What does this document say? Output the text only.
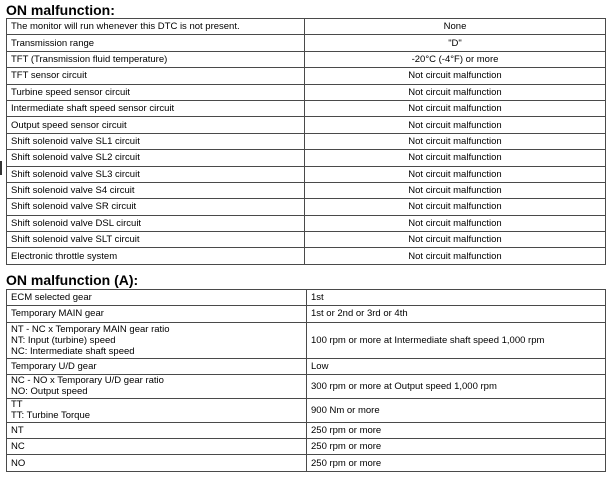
ON malfunction:
The monitor will run whenever this DTC is not present.	None
Transmission range	"D"
TFT (Transmission fluid temperature)	-20°C (-4°F) or more
TFT sensor circuit	Not circuit malfunction
Turbine speed sensor circuit	Not circuit malfunction
Intermediate shaft speed sensor circuit	Not circuit malfunction
Output speed sensor circuit	Not circuit malfunction
Shift solenoid valve SL1 circuit	Not circuit malfunction
Shift solenoid valve SL2 circuit	Not circuit malfunction
Shift solenoid valve SL3 circuit	Not circuit malfunction
Shift solenoid valve S4 circuit	Not circuit malfunction
Shift solenoid valve SR circuit	Not circuit malfunction
Shift solenoid valve DSL circuit	Not circuit malfunction
Shift solenoid valve SLT circuit	Not circuit malfunction
Electronic throttle system	Not circuit malfunction
ON malfunction (A):
ECM selected gear	1st

Temporary MAIN gear	1st or 2nd or 3rd or 4th

NT - NC x Temporary MAIN gear ratio
NT: Input (turbine) speed
NC: Intermediate shaft speed	100 rpm or more at Intermediate shaft speed 1,000 rpm

Temporary U/D gear	Low

NC - NO x Temporary U/D gear ratio
NO: Output speed	300 rpm or more at Output speed 1,000 rpm

TT
TT: Turbine Torque	900 Nm or more

NT	250 rpm or more

NC	250 rpm or more

NO	250 rpm or more
